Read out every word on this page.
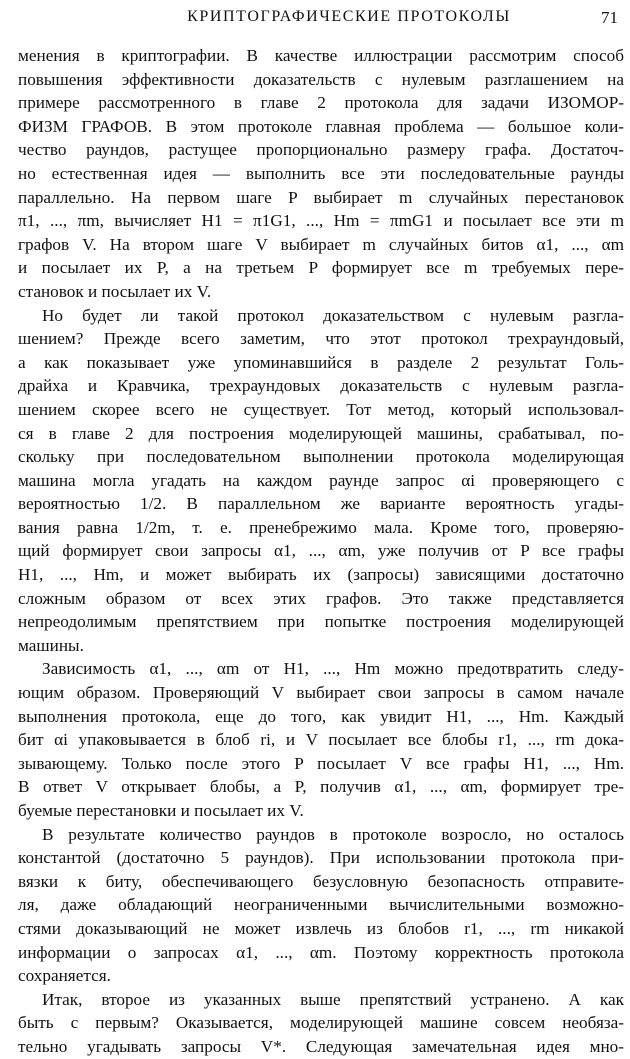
КРИПТОГРАФИЧЕСКИЕ ПРОТОКОЛЫ	71
менения в криптографии. В качестве иллюстрации рассмотрим способ
повышения эффективности доказательств с нулевым разглашением на
примере рассмотренного в главе 2 протокола для задачи ИЗОМОР-
ФИЗМ ГРАФОВ. В этом протоколе главная проблема — большое коли-
чество раундов, растущее пропорционально размеру графа. Достаточ-
но естественная идея — выполнить все эти последовательные раунды
параллельно. На первом шаге P выбирает m случайных перестановок
π1, ..., πm, вычисляет H1 = π1G1, ..., Hm = πmG1 и посылает все эти m
графов V. На втором шаге V выбирает m случайных битов α1, ..., αm
и посылает их P, а на третьем P формирует все m требуемых пере-
становок и посылает их V.
Но будет ли такой протокол доказательством с нулевым разгла-
шением? Прежде всего заметим, что этот протокол трехраундовый,
а как показывает уже упоминавшийся в разделе 2 результат Голь-
драйха и Кравчика, трехраундовых доказательств с нулевым разгла-
шением скорее всего не существует. Тот метод, который использовал-
ся в главе 2 для построения моделирующей машины, срабатывал, по-
скольку при последовательном выполнении протокола моделирующая
машина могла угадать на каждом раунде запрос αi проверяющего с
вероятностью 1/2. В параллельном же варианте вероятность угады-
вания равна 1/2m, т. е. пренебрежимо мала. Кроме того, проверяю-
щий формирует свои запросы α1, ..., αm, уже получив от P все графы
H1, ..., Hm, и может выбирать их (запросы) зависящими достаточно
сложным образом от всех этих графов. Это также представляется
непреодолимым препятствием при попытке построения моделирующей
машины.
Зависимость α1, ..., αm от H1, ..., Hm можно предотвратить следу-
ющим образом. Проверяющий V выбирает свои запросы в самом начале
выполнения протокола, еще до того, как увидит H1, ..., Hm. Каждый
бит αi упаковывается в блоб ri, и V посылает все блобы r1, ..., rm дока-
зывающему. Только после этого P посылает V все графы H1, ..., Hm.
В ответ V открывает блобы, а P, получив α1, ..., αm, формирует тре-
буемые перестановки и посылает их V.
В результате количество раундов в протоколе возросло, но осталось
константой (достаточно 5 раундов). При использовании протокола при-
вязки к биту, обеспечивающего безусловную безопасность отправите-
ля, даже обладающий неограниченными вычислительными возможно-
стями доказывающий не может извлечь из блобов r1, ..., rm никакой
информации о запросах α1, ..., αm. Поэтому корректность протокола
сохраняется.
Итак, второе из указанных выше препятствий устранено. А как
быть с первым? Оказывается, моделирующей машине совсем необяза-
тельно угадывать запросы V*. Следующая замечательная идея мно-
